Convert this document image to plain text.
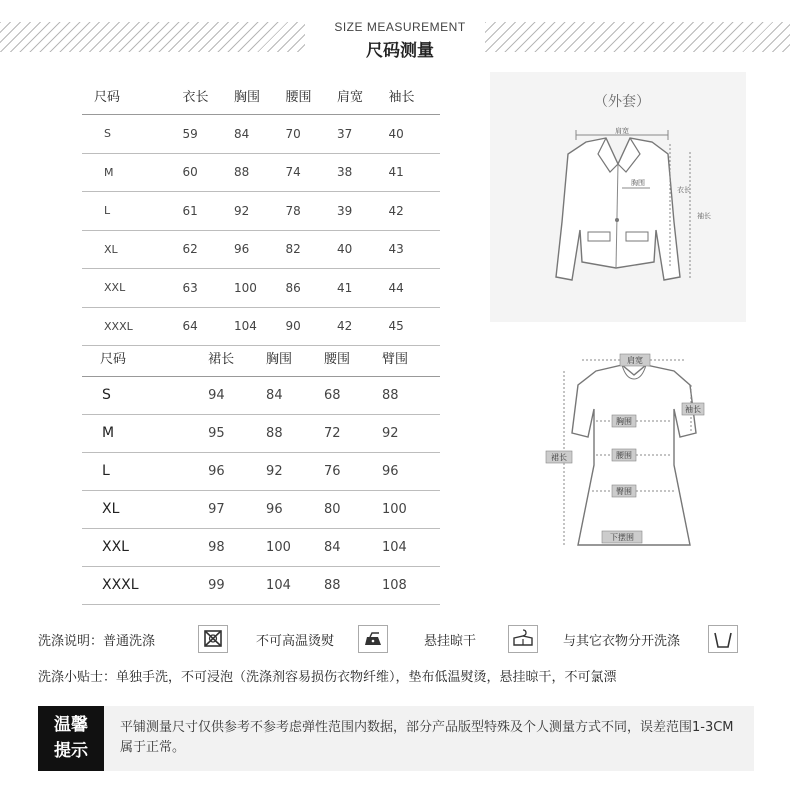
SIZE MEASUREMENT
尺码测量
尺码	衣长	胸围	腰围	肩宽	袖长
S	59	84	70	37	40
M	60	88	74	38	41
L	61	92	78	39	42
XL	62	96	82	40	43
XXL	63	100	86	41	44
XXXL	64	104	90	42	45
尺码	裙长	胸围	腰围	臂围	
S	94	84	68	88	
M	95	88	72	92	
L	96	92	76	96	
XL	97	96	80	100	
XXL	98	100	84	104	
XXXL	99	104	88	108	
（外套）
肩宽
胸围
衣长
袖长
肩宽
袖长
胸围
腰围
臀围
裙长
下摆围
洗涤说明：普通洗涤	不可高温烫熨	悬挂晾干	与其它衣物分开洗涤
洗涤小贴士：单独手洗，不可浸泡（洗涤剂容易损伤衣物纤维），垫布低温熨烫，悬挂晾干，不可氯漂
温馨
提示
平铺测量尺寸仅供参考不参考虑弹性范围内数据，部分产品版型特殊及个人测量方式不同，误差范围1-3CM属于正常。
